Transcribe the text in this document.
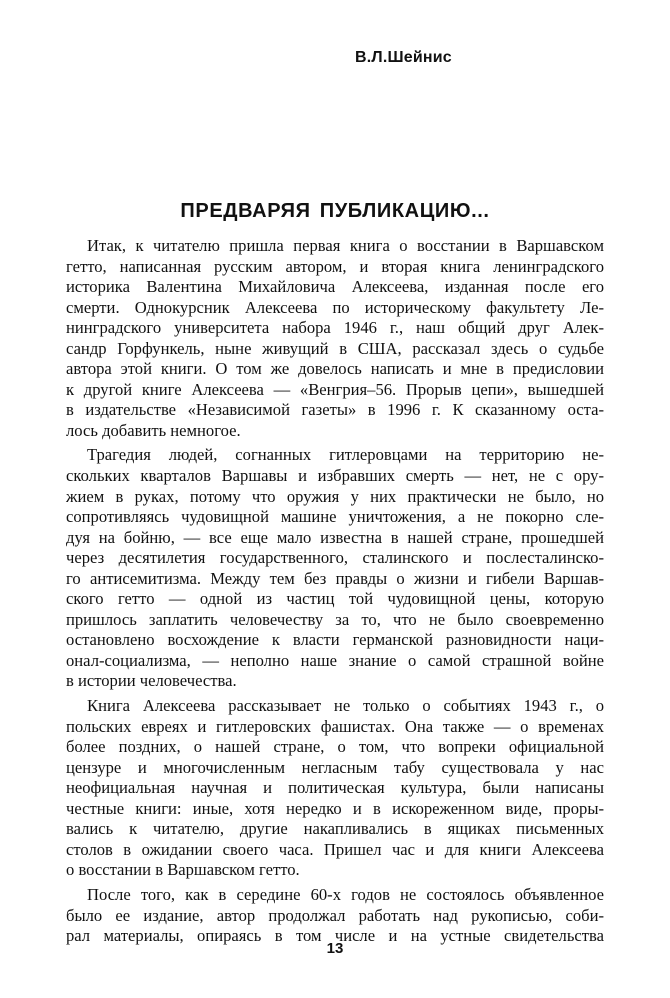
В.Л.Шейнис
ПРЕДВАРЯЯ ПУБЛИКАЦИЮ...
Итак, к читателю пришла первая книга о восстании в Варшавском
гетто, написанная русским автором, и вторая книга ленинградского
историка Валентина Михайловича Алексеева, изданная после его
смерти. Однокурсник Алексеева по историческому факультету Ле-
нинградского университета набора 1946 г., наш общий друг Алек-
сандр Горфункель, ныне живущий в США, рассказал здесь о судьбе
автора этой книги. О том же довелось написать и мне в предисловии
к другой книге Алексеева — «Венгрия–56. Прорыв цепи», вышедшей
в издательстве «Независимой газеты» в 1996 г. К сказанному оста-
лось добавить немногое.
Трагедия людей, согнанных гитлеровцами на территорию не-
скольких кварталов Варшавы и избравших смерть — нет, не с ору-
жием в руках, потому что оружия у них практически не было, но
сопротивляясь чудовищной машине уничтожения, а не покорно сле-
дуя на бойню, — все еще мало известна в нашей стране, прошедшей
через десятилетия государственного, сталинского и послесталинско-
го антисемитизма. Между тем без правды о жизни и гибели Варшав-
ского гетто — одной из частиц той чудовищной цены, которую
пришлось заплатить человечеству за то, что не было своевременно
остановлено восхождение к власти германской разновидности наци-
онал-социализма, — неполно наше знание о самой страшной войне
в истории человечества.
Книга Алексеева рассказывает не только о событиях 1943 г., о
польских евреях и гитлеровских фашистах. Она также — о временах
более поздних, о нашей стране, о том, что вопреки официальной
цензуре и многочисленным негласным табу существовала у нас
неофициальная научная и политическая культура, были написаны
честные книги: иные, хотя нередко и в искореженном виде, проры-
вались к читателю, другие накапливались в ящиках письменных
столов в ожидании своего часа. Пришел час и для книги Алексеева
о восстании в Варшавском гетто.
После того, как в середине 60-х годов не состоялось объявленное
было ее издание, автор продолжал работать над рукописью, соби-
рал материалы, опираясь в том числе и на устные свидетельства
13
